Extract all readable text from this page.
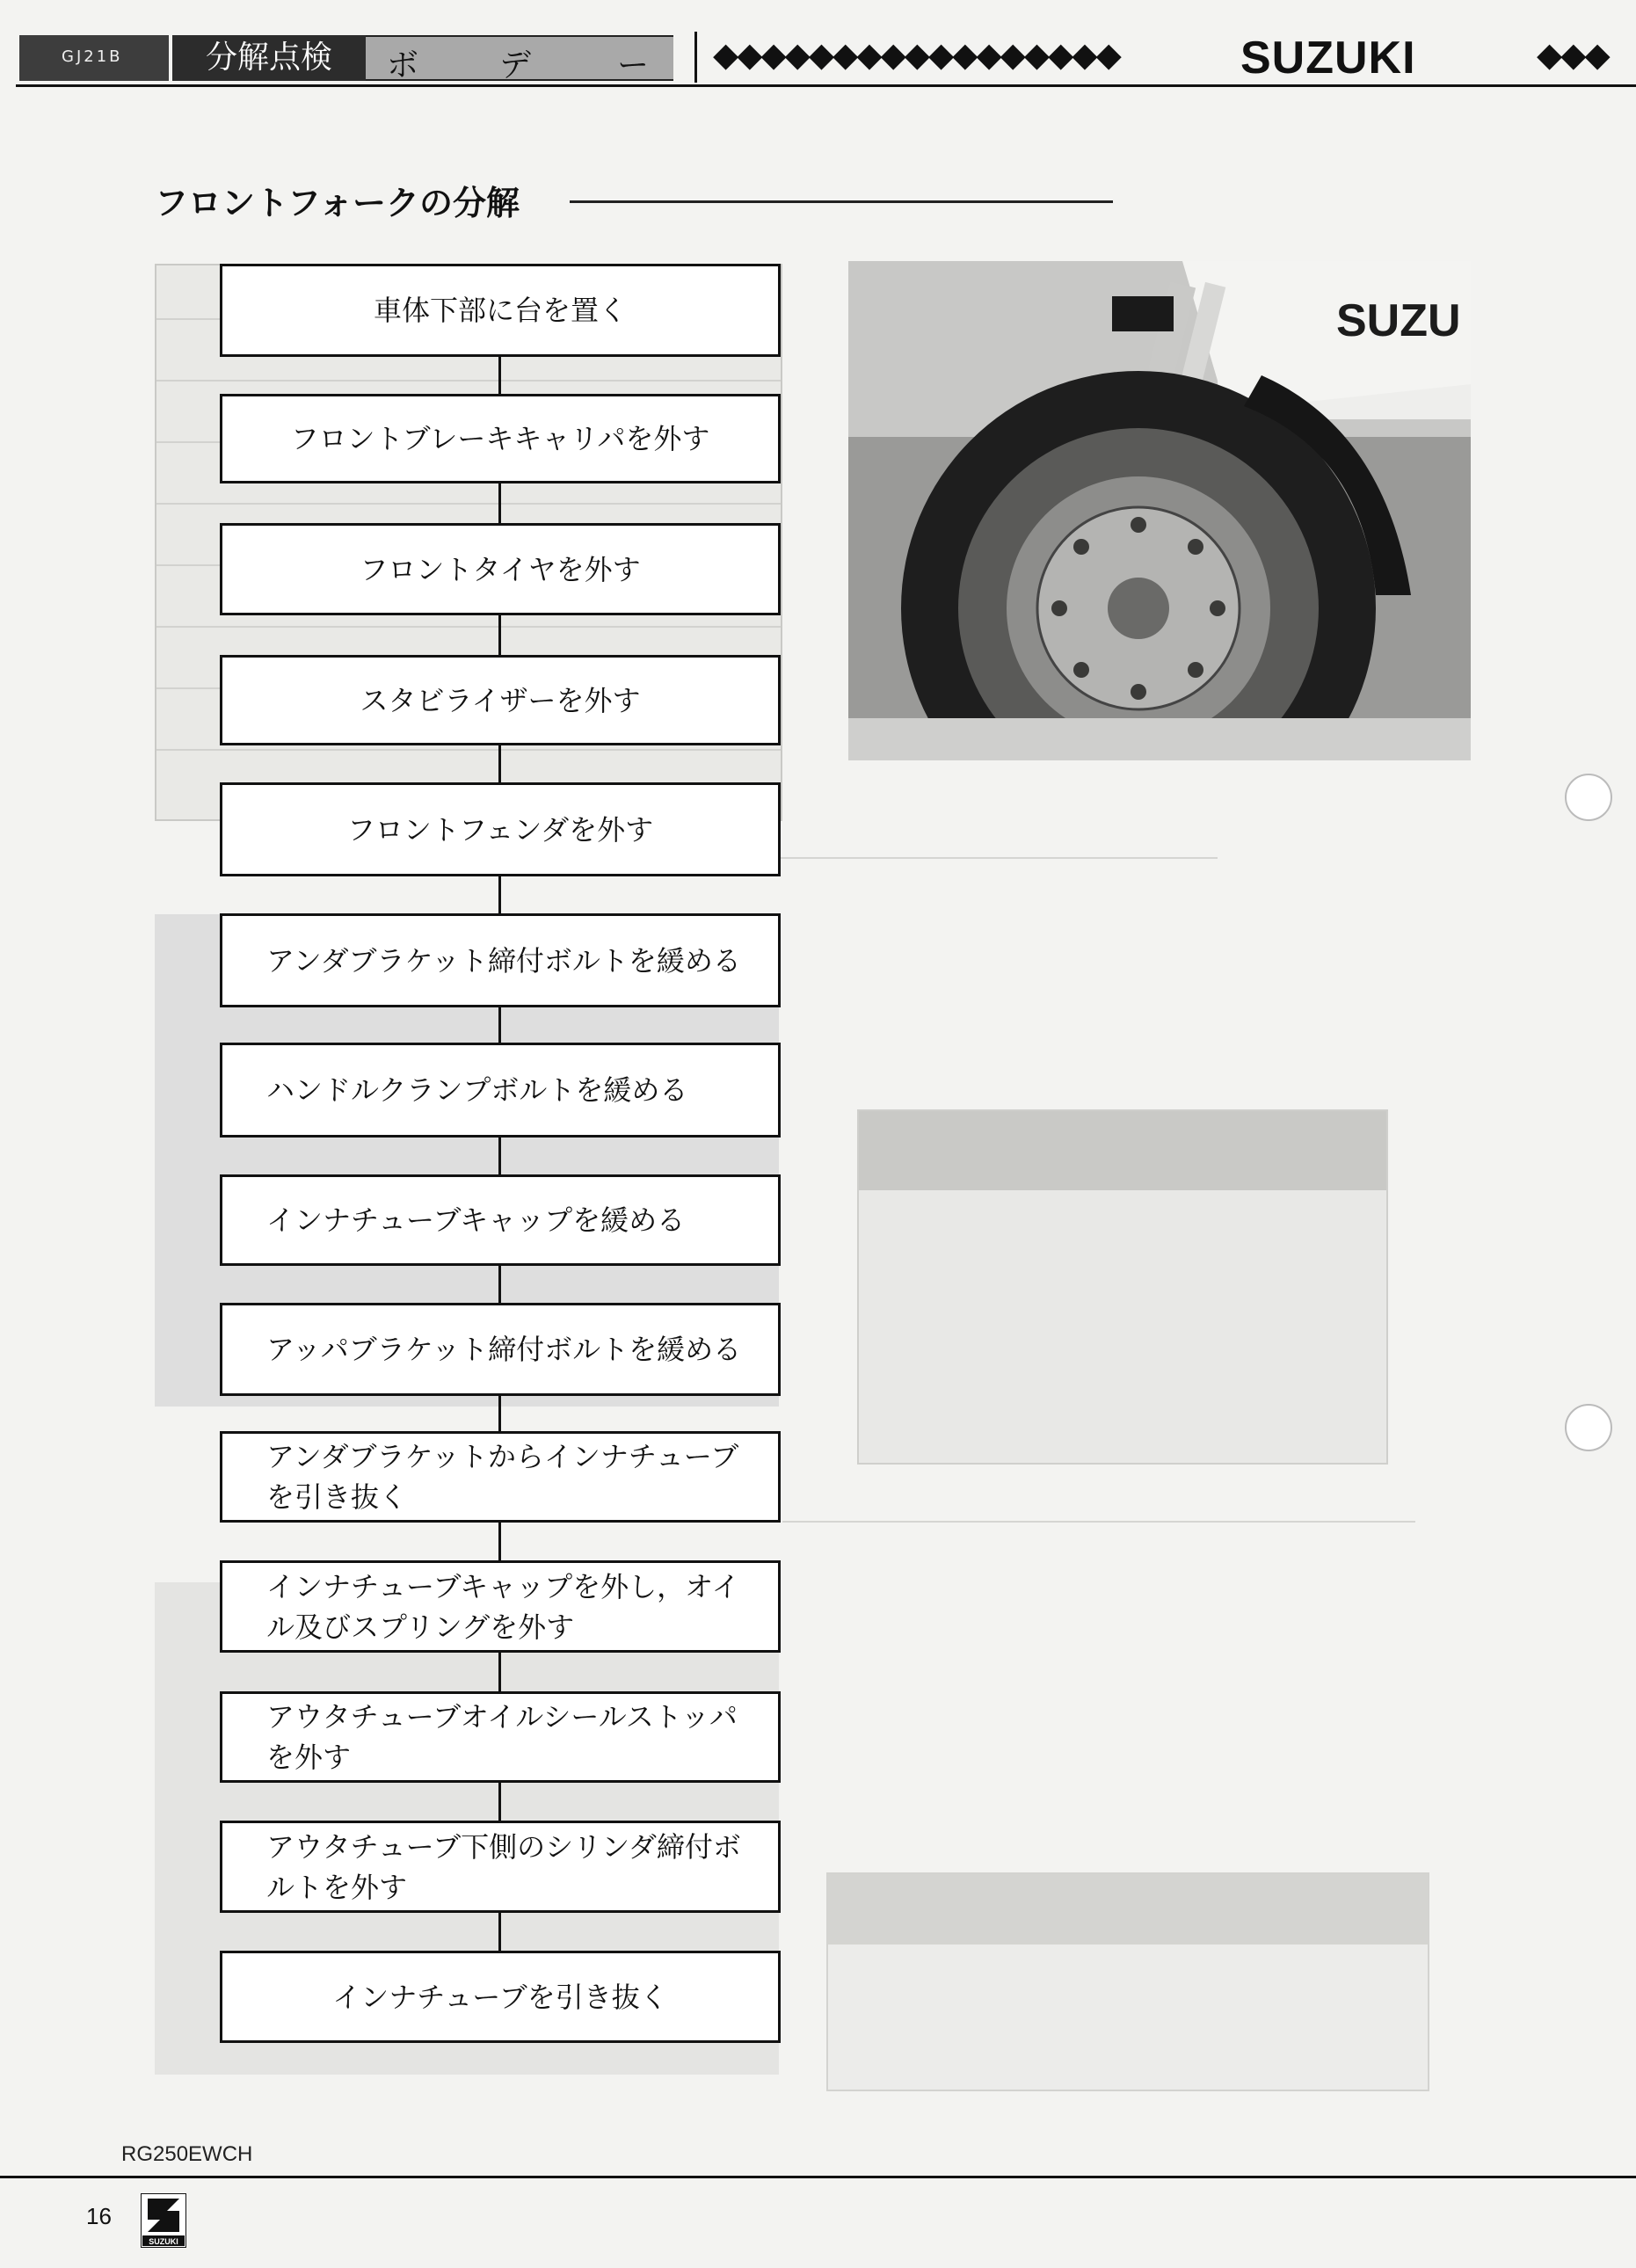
GJ21B	分解点検	ボ	デ	ー ◆◆◆◆◆◆◆◆◆◆◆◆◆◆◆◆◆	SUZUKI	◆◆◆
フロントフォークの分解
SUZU
車体下部に台を置く
フロントブレーキキャリパを外す
フロントタイヤを外す
スタビライザーを外す
フロントフェンダを外す
アンダブラケット締付ボルトを緩める
ハンドルクランプボルトを緩める
インナチューブキャップを緩める
アッパブラケット締付ボルトを緩める
アンダブラケットからインナチューブを引き抜く
インナチューブキャップを外し，オイル及びスプリングを外す
アウタチューブオイルシールストッパを外す
アウタチューブ下側のシリンダ締付ボルトを外す
インナチューブを引き抜く
RG250EWCH
16
SUZUKI
